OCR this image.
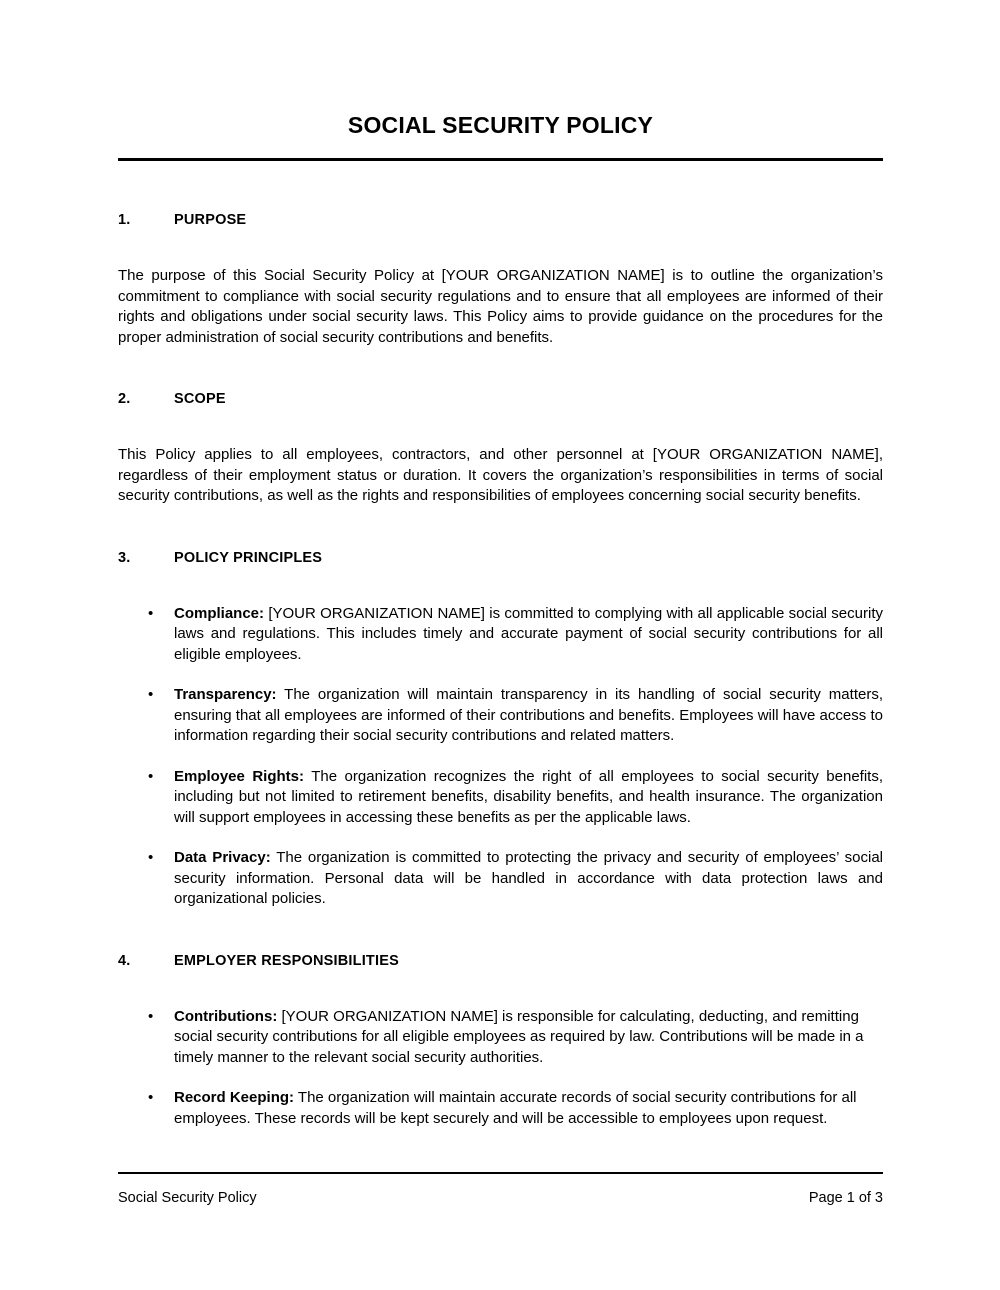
SOCIAL SECURITY POLICY
1.	PURPOSE

The purpose of this Social Security Policy at [YOUR ORGANIZATION NAME] is to outline the organization’s commitment to compliance with social security regulations and to ensure that all employees are informed of their rights and obligations under social security laws. This Policy aims to provide guidance on the procedures for the proper administration of social security contributions and benefits.

2.	SCOPE

This Policy applies to all employees, contractors, and other personnel at [YOUR ORGANIZATION NAME], regardless of their employment status or duration. It covers the organization’s responsibilities in terms of social security contributions, as well as the rights and responsibilities of employees concerning social security benefits.

3.	POLICY PRINCIPLES
• Compliance: [YOUR ORGANIZATION NAME] is committed to complying with all applicable social security laws and regulations. This includes timely and accurate payment of social security contributions for all eligible employees.
• Transparency: The organization will maintain transparency in its handling of social security matters, ensuring that all employees are informed of their contributions and benefits. Employees will have access to information regarding their social security contributions and related matters.
• Employee Rights: The organization recognizes the right of all employees to social security benefits, including but not limited to retirement benefits, disability benefits, and health insurance. The organization will support employees in accessing these benefits as per the applicable laws.
• Data Privacy: The organization is committed to protecting the privacy and security of employees’ social security information. Personal data will be handled in accordance with data protection laws and organizational policies.
4.	EMPLOYER RESPONSIBILITIES
• Contributions: [YOUR ORGANIZATION NAME] is responsible for calculating, deducting, and remitting social security contributions for all eligible employees as required by law. Contributions will be made in a timely manner to the relevant social security authorities.
• Record Keeping: The organization will maintain accurate records of social security contributions for all employees. These records will be kept securely and will be accessible to employees upon request.
Social Security Policy	Page 1 of 3
